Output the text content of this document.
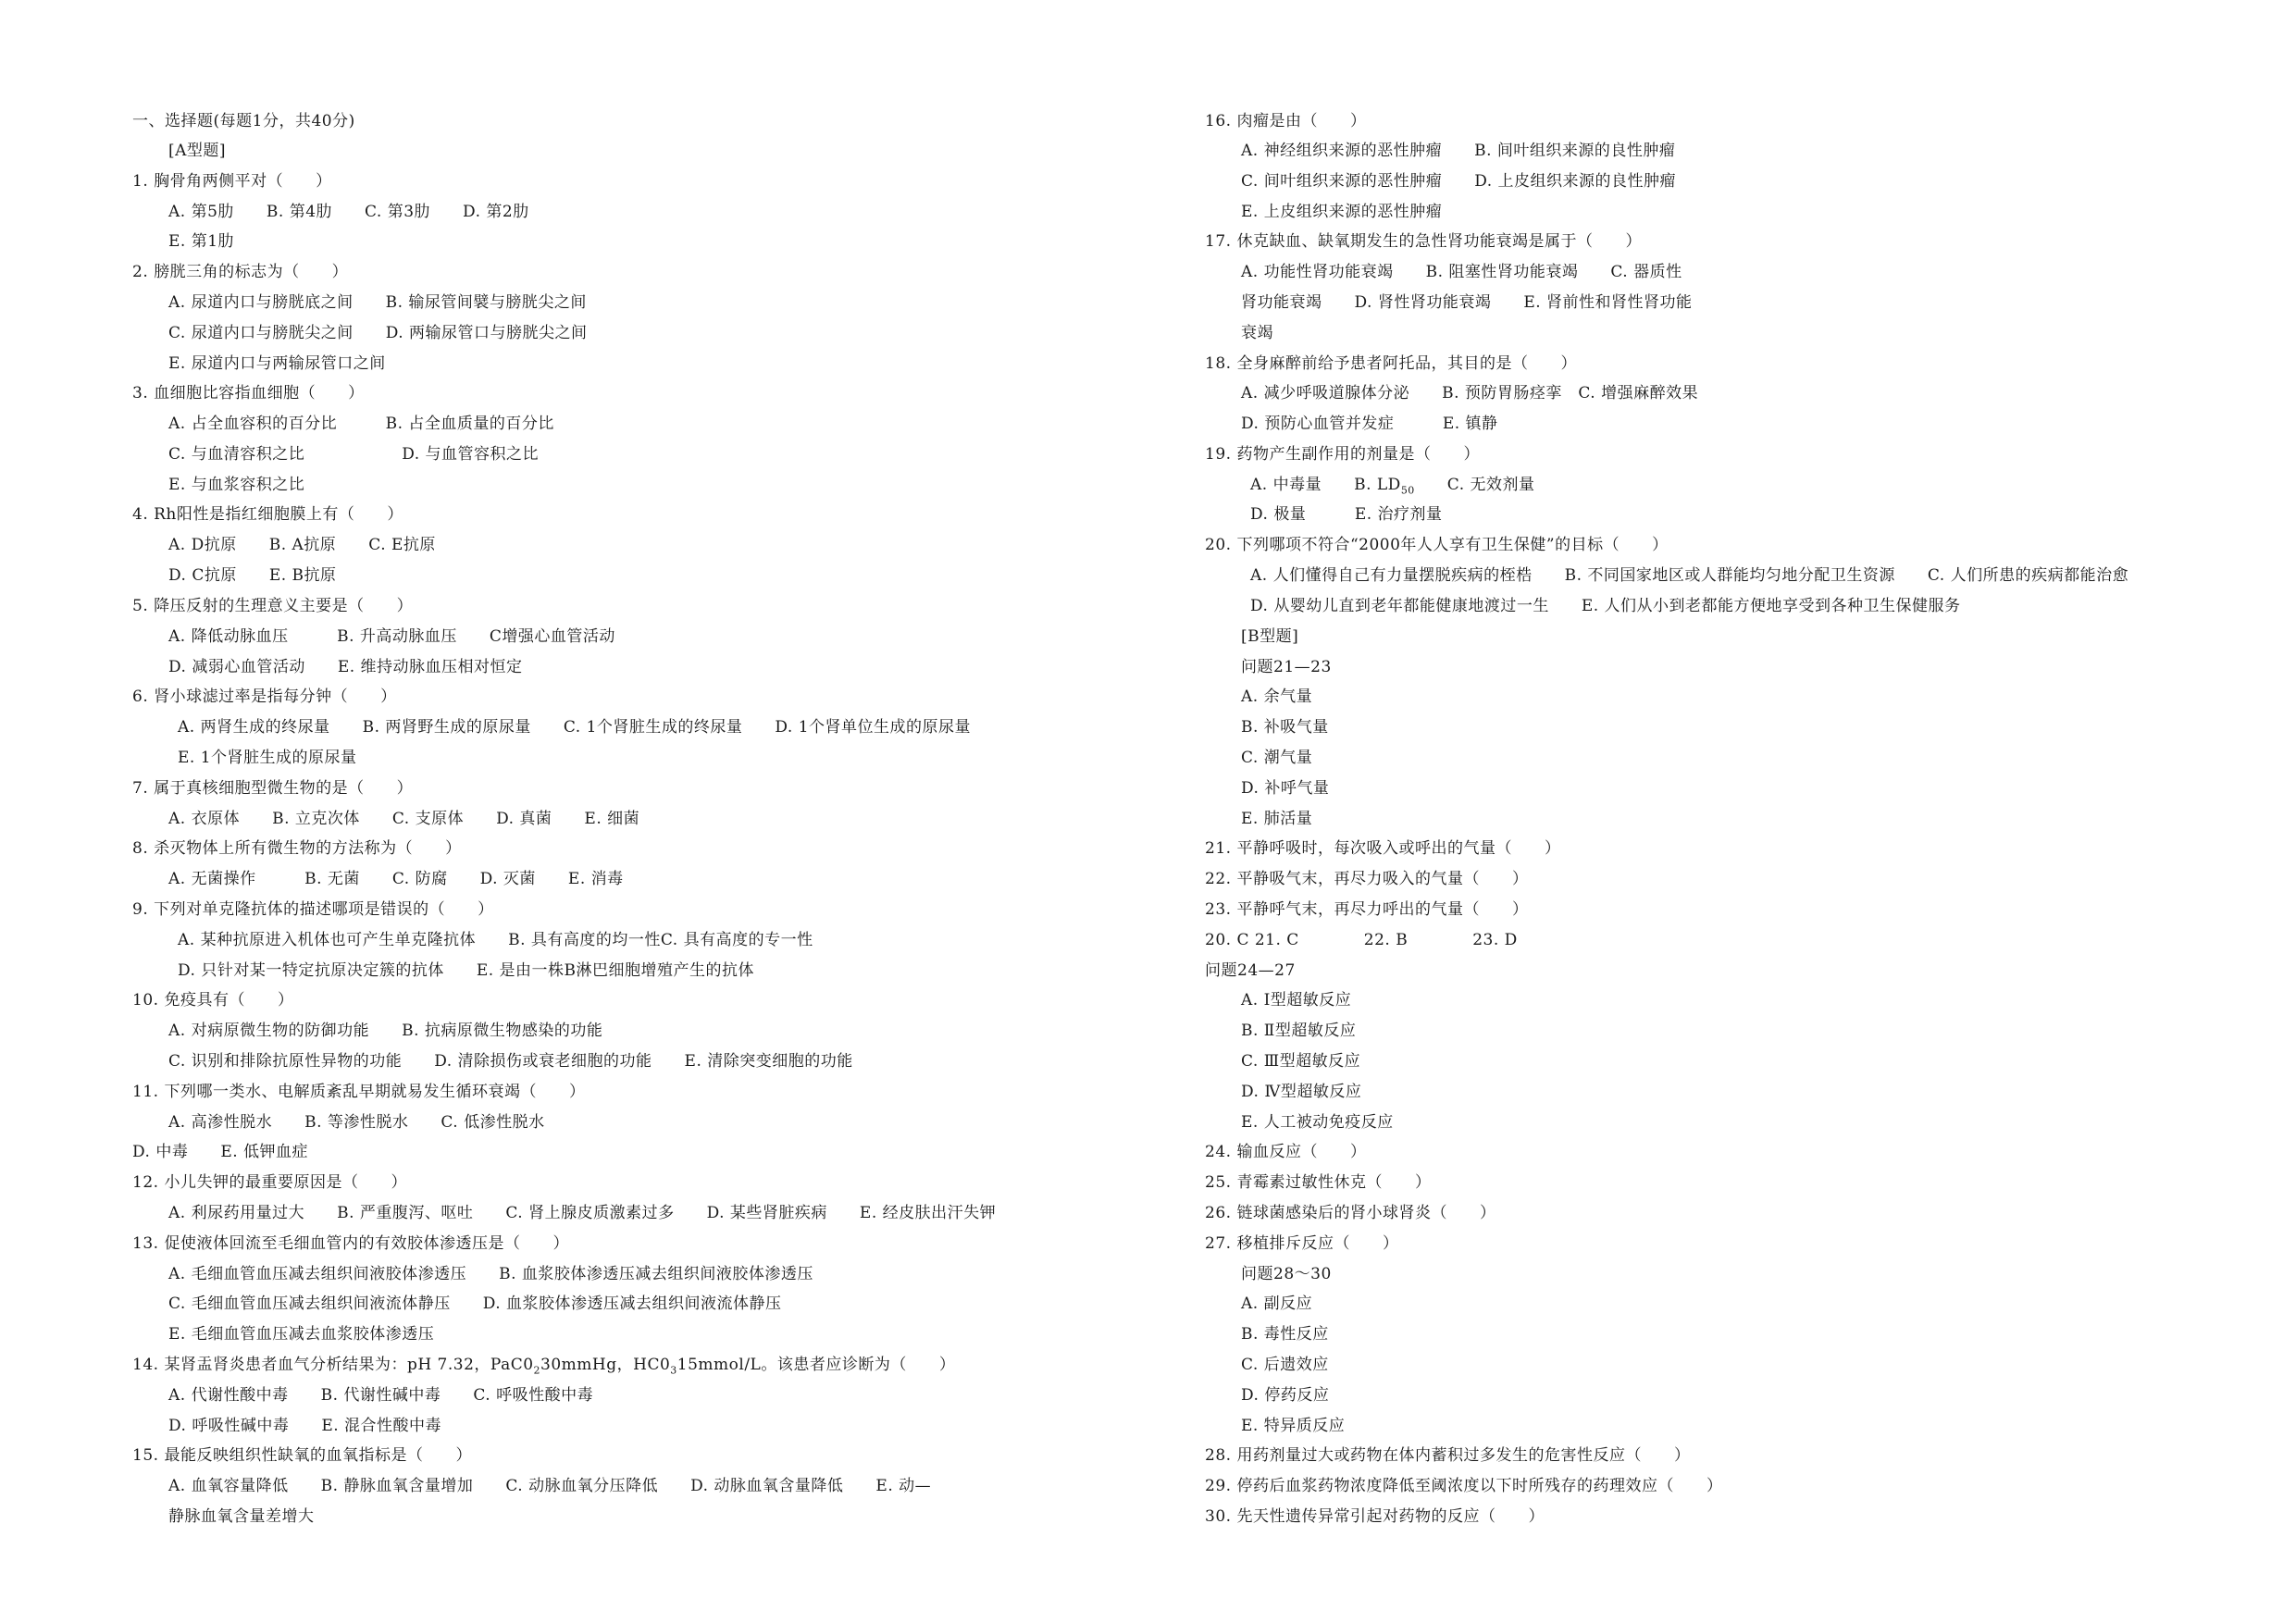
一、选择题(每题1分，共40分)
[A型题]
1. 胸骨角两侧平对（　　）
A. 第5肋　　B. 第4肋　　C. 第3肋　　D. 第2肋
E. 第1肋
2. 膀胱三角的标志为（　　）
A. 尿道内口与膀胱底之间　　B. 输尿管间襞与膀胱尖之间
C. 尿道内口与膀胱尖之间　　D. 两输尿管口与膀胱尖之间
E. 尿道内口与两输尿管口之间
3. 血细胞比容指血细胞（　　）
A. 占全血容积的百分比　　　B. 占全血质量的百分比
C. 与血清容积之比　　　　　　D. 与血管容积之比
E. 与血浆容积之比
4. Rh阳性是指红细胞膜上有（　　）
A. D抗原　　B. A抗原　　C. E抗原
D. C抗原　　E. B抗原
5. 降压反射的生理意义主要是（　　）
A. 降低动脉血压　　　B. 升高动脉血压　　C增强心血管活动
D. 减弱心血管活动　　E. 维持动脉血压相对恒定
6. 肾小球滤过率是指每分钟（　　）
A. 两肾生成的终尿量　　B. 两肾野生成的原尿量　　C. 1个肾脏生成的终尿量　　D. 1个肾单位生成的原尿量
E. 1个肾脏生成的原尿量
7. 属于真核细胞型微生物的是（　　）
A. 衣原体　　B. 立克次体　　C. 支原体　　D. 真菌　　E. 细菌
8. 杀灭物体上所有微生物的方法称为（　　）
A. 无菌操作　　　B. 无菌　　C. 防腐　　D. 灭菌　　E. 消毒
9. 下列对单克隆抗体的描述哪项是错误的（　　）
A. 某种抗原进入机体也可产生单克隆抗体　　B. 具有高度的均一性C. 具有高度的专一性
D. 只针对某一特定抗原决定簇的抗体　　E. 是由一株B淋巴细胞增殖产生的抗体
10. 免疫具有（　　）
A. 对病原微生物的防御功能　　B. 抗病原微生物感染的功能
C. 识别和排除抗原性异物的功能　　D. 清除损伤或衰老细胞的功能　　E. 清除突变细胞的功能
11. 下列哪一类水、电解质紊乱早期就易发生循环衰竭（　　）
A. 高渗性脱水　　B. 等渗性脱水　　C. 低渗性脱水
D. 中毒　　E. 低钾血症
12. 小儿失钾的最重要原因是（　　）
A. 利尿药用量过大　　B. 严重腹泻、呕吐　　C. 肾上腺皮质激素过多　　D. 某些肾脏疾病　　E. 经皮肤出汗失钾
13. 促使液体回流至毛细血管内的有效胶体渗透压是（　　）
A. 毛细血管血压减去组织间液胶体渗透压　　B. 血浆胶体渗透压减去组织间液胶体渗透压
C. 毛细血管血压减去组织间液流体静压　　D. 血浆胶体渗透压减去组织间液流体静压
E. 毛细血管血压减去血浆胶体渗透压
A. 代谢性酸中毒　　B. 代谢性碱中毒　　C. 呼吸性酸中毒
D. 呼吸性碱中毒　　E. 混合性酸中毒
15. 最能反映组织性缺氧的血氧指标是（　　）
A. 血氧容量降低　　B. 静脉血氧含量增加　　C. 动脉血氧分压降低　　D. 动脉血氧含量降低　　E. 动—
静脉血氧含量差增大
16. 肉瘤是由（　　）
A. 神经组织来源的恶性肿瘤　　B. 间叶组织来源的良性肿瘤
C. 间叶组织来源的恶性肿瘤　　D. 上皮组织来源的良性肿瘤
E. 上皮组织来源的恶性肿瘤
17. 休克缺血、缺氧期发生的急性肾功能衰竭是属于（　　）
A. 功能性肾功能衰竭　　B. 阻塞性肾功能衰竭　　C. 器质性
肾功能衰竭　　D. 肾性肾功能衰竭　　E. 肾前性和肾性肾功能
衰竭
18. 全身麻醉前给予患者阿托品，其目的是（　　）
A. 减少呼吸道腺体分泌　　B. 预防胃肠痉挛　C. 增强麻醉效果
D. 预防心血管并发症　　　E. 镇静
19. 药物产生副作用的剂量是（　　）
D. 极量　　　E. 治疗剂量
20. 下列哪项不符合“2000年人人享有卫生保健”的目标（　　）
A. 人们懂得自己有力量摆脱疾病的桎梏　　B. 不同国家地区或人群能均匀地分配卫生资源　　C. 人们所患的疾病都能治愈
D. 从婴幼儿直到老年都能健康地渡过一生　　E. 人们从小到老都能方便地享受到各种卫生保健服务
[B型题]
问题21—23
A. 余气量
B. 补吸气量
C. 潮气量
D. 补呼气量
E. 肺活量
21. 平静呼吸时，每次吸入或呼出的气量（　　）
22. 平静吸气末，再尽力吸入的气量（　　）
23. 平静呼气末，再尽力呼出的气量（　　）
20. C 21. C　　　　22. B　　　　23. D
问题24—27
A. Ⅰ型超敏反应
B. Ⅱ型超敏反应
C. Ⅲ型超敏反应
D. Ⅳ型超敏反应
E. 人工被动免疫反应
24. 输血反应（　　）
25. 青霉素过敏性休克（　　）
26. 链球菌感染后的肾小球肾炎（　　）
27. 移植排斥反应（　　）
问题28～30
A. 副反应
B. 毒性反应
C. 后遗效应
D. 停药反应
E. 特异质反应
28. 用药剂量过大或药物在体内蓄积过多发生的危害性反应（　　）
29. 停药后血浆药物浓度降低至阈浓度以下时所残存的药理效应（　　）
30. 先天性遗传异常引起对药物的反应（　　）
14. 某肾盂肾炎患者血气分析结果为：pH 7.32，$PaC0_230mmHg$，$HC0_315mmol/L$。该患者应诊断为（　　）
A. 中毒量　　B. $LD_{50}$　　C. 无效剂量
